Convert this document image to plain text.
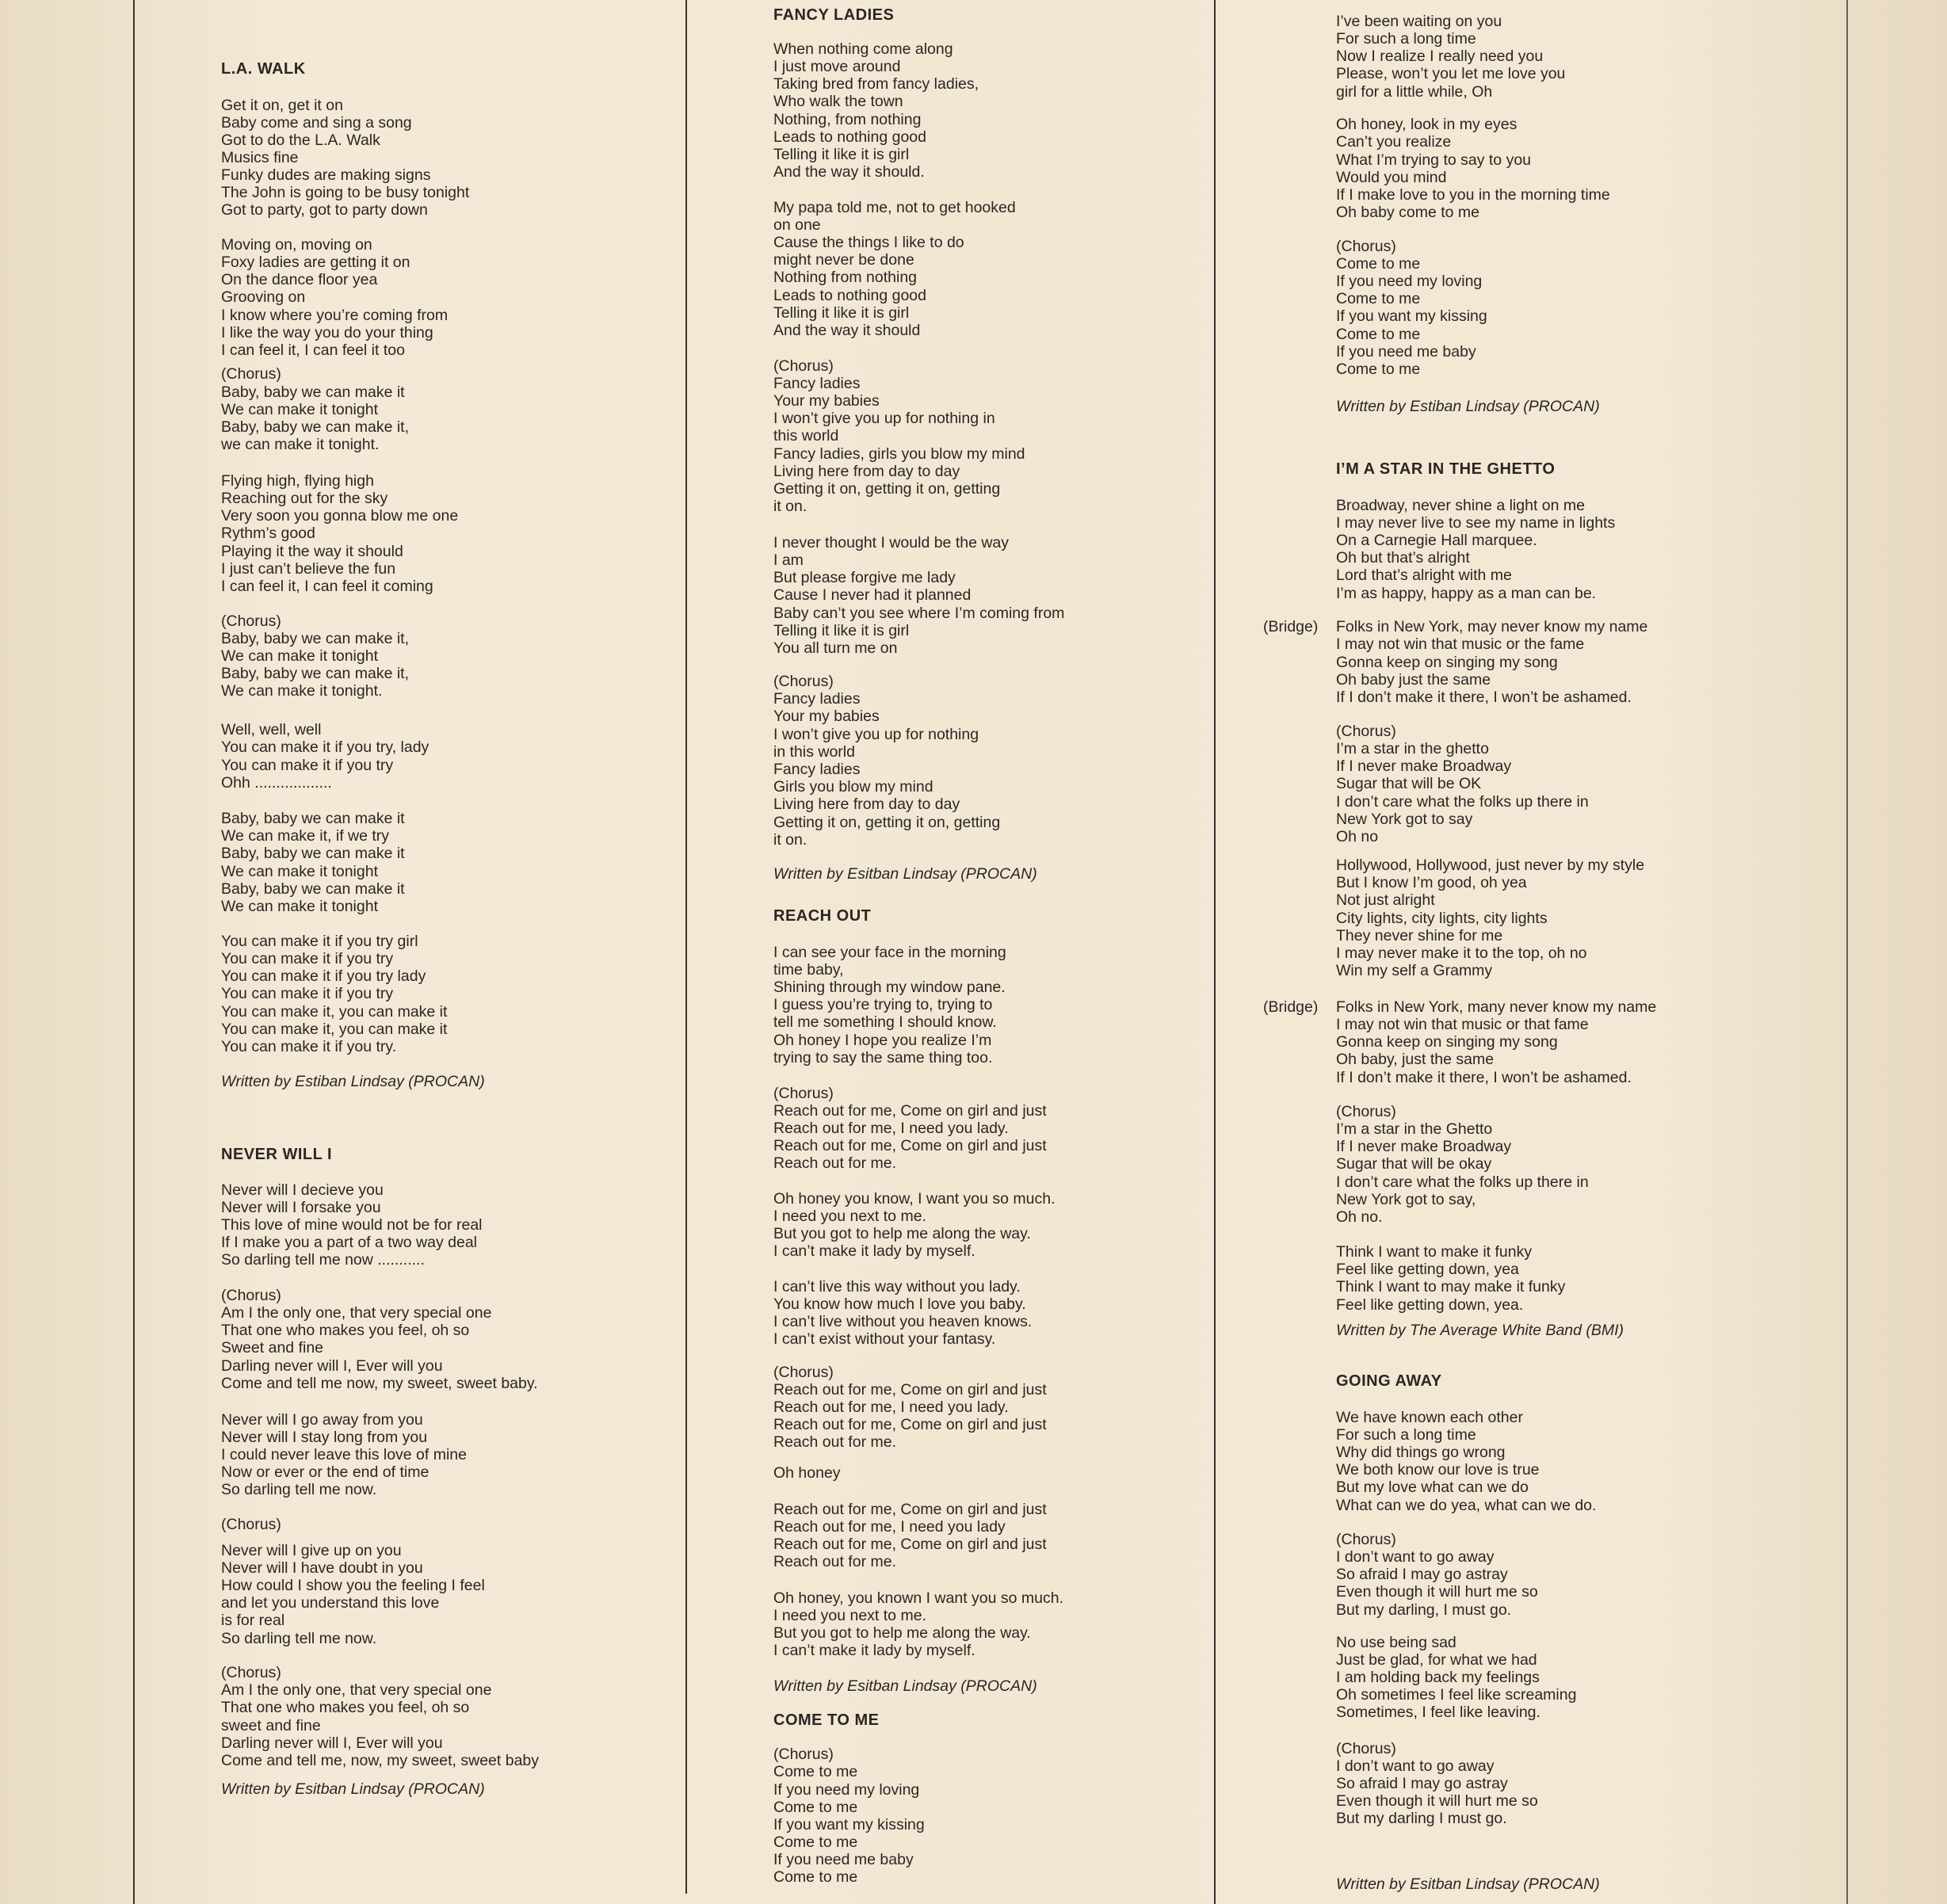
L.A. WALK
Get it on, get it on
Baby come and sing a song
Got to do the L.A. Walk
Musics fine
Funky dudes are making signs
The John is going to be busy tonight
Got to party, got to party down
Moving on, moving on
Foxy ladies are getting it on
On the dance floor yea
Grooving on
I know where you’re coming from
I like the way you do your thing
I can feel it, I can feel it too
(Chorus)
Baby, baby we can make it
We can make it tonight
Baby, baby we can make it,
we can make it tonight.
Flying high, flying high
Reaching out for the sky
Very soon you gonna blow me one
Rythm’s good
Playing it the way it should
I just can’t believe the fun
I can feel it, I can feel it coming
(Chorus)
Baby, baby we can make it,
We can make it tonight
Baby, baby we can make it,
We can make it tonight.
Well, well, well
You can make it if you try, lady
You can make it if you try
Ohh ..................
Baby, baby we can make it
We can make it, if we try
Baby, baby we can make it
We can make it tonight
Baby, baby we can make it
We can make it tonight
You can make it if you try girl
You can make it if you try
You can make it if you try lady
You can make it if you try
You can make it, you can make it
You can make it, you can make it
You can make it if you try.
Written by Estiban Lindsay (PROCAN)
NEVER WILL I
Never will I decieve you
Never will I forsake you
This love of mine would not be for real
If I make you a part of a two way deal
So darling tell me now ...........
(Chorus)
Am I the only one, that very special one
That one who makes you feel, oh so
Sweet and fine
Darling never will I, Ever will you
Come and tell me now, my sweet, sweet baby.
Never will I go away from you
Never will I stay long from you
I could never leave this love of mine
Now or ever or the end of time
So darling tell me now.
(Chorus)
Never will I give up on you
Never will I have doubt in you
How could I show you the feeling I feel
and let you understand this love
is for real
So darling tell me now.
(Chorus)
Am I the only one, that very special one
That one who makes you feel, oh so
sweet and fine
Darling never will I, Ever will you
Come and tell me, now, my sweet, sweet baby
Written by Esitban Lindsay (PROCAN)
FANCY LADIES
When nothing come along
I just move around
Taking bred from fancy ladies,
Who walk the town
Nothing, from nothing
Leads to nothing good
Telling it like it is girl
And the way it should.
My papa told me, not to get hooked
on one
Cause the things I like to do
might never be done
Nothing from nothing
Leads to nothing good
Telling it like it is girl
And the way it should
(Chorus)
Fancy ladies
Your my babies
I won’t give you up for nothing in
this world
Fancy ladies, girls you blow my mind
Living here from day to day
Getting it on, getting it on, getting
it on.
I never thought I would be the way
I am
But please forgive me lady
Cause I never had it planned
Baby can’t you see where I’m coming from
Telling it like it is girl
You all turn me on
(Chorus)
Fancy ladies
Your my babies
I won’t give you up for nothing
in this world
Fancy ladies
Girls you blow my mind
Living here from day to day
Getting it on, getting it on, getting
it on.
Written by Esitban Lindsay (PROCAN)
REACH OUT
I can see your face in the morning
time baby,
Shining through my window pane.
I guess you’re trying to, trying to
tell me something I should know.
Oh honey I hope you realize I’m
trying to say the same thing too.
(Chorus)
Reach out for me, Come on girl and just
Reach out for me, I need you lady.
Reach out for me, Come on girl and just
Reach out for me.
Oh honey you know, I want you so much.
I need you next to me.
But you got to help me along the way.
I can’t make it lady by myself.
I can’t live this way without you lady.
You know how much I love you baby.
I can’t live without you heaven knows.
I can’t exist without your fantasy.
(Chorus)
Reach out for me, Come on girl and just
Reach out for me, I need you lady.
Reach out for me, Come on girl and just
Reach out for me.
Oh honey
Reach out for me, Come on girl and just
Reach out for me, I need you lady
Reach out for me, Come on girl and just
Reach out for me.
Oh honey, you known I want you so much.
I need you next to me.
But you got to help me along the way.
I can’t make it lady by myself.
Written by Esitban Lindsay (PROCAN)
COME TO ME
(Chorus)
Come to me
If you need my loving
Come to me
If you want my kissing
Come to me
If you need me baby
Come to me
I’ve been waiting on you
For such a long time
Now I realize I really need you
Please, won’t you let me love you
girl for a little while, Oh
Oh honey, look in my eyes
Can’t you realize
What I’m trying to say to you
Would you mind
If I make love to you in the morning time
Oh baby come to me
(Chorus)
Come to me
If you need my loving
Come to me
If you want my kissing
Come to me
If you need me baby
Come to me
Written by Estiban Lindsay (PROCAN)
I’M A STAR IN THE GHETTO
Broadway, never shine a light on me
I may never live to see my name in lights
On a Carnegie Hall marquee.
Oh but that’s alright
Lord that’s alright with me
I’m as happy, happy as a man can be.
Folks in New York, may never know my name
I may not win that music or the fame
Gonna keep on singing my song
Oh baby just the same
If I don’t make it there, I won’t be ashamed.
(Chorus)
I’m a star in the ghetto
If I never make Broadway
Sugar that will be OK
I don’t care what the folks up there in
New York got to say
Oh no
Hollywood, Hollywood, just never by my style
But I know I’m good, oh yea
Not just alright
City lights, city lights, city lights
They never shine for me
I may never make it to the top, oh no
Win my self a Grammy
Folks in New York, many never know my name
I may not win that music or that fame
Gonna keep on singing my song
Oh baby, just the same
If I don’t make it there, I won’t be ashamed.
(Chorus)
I’m a star in the Ghetto
If I never make Broadway
Sugar that will be okay
I don’t care what the folks up there in
New York got to say,
Oh no.
Think I want to make it funky
Feel like getting down, yea
Think I want to may make it funky
Feel like getting down, yea.
Written by The Average White Band (BMI)
GOING AWAY
We have known each other
For such a long time
Why did things go wrong
We both know our love is true
But my love what can we do
What can we do yea, what can we do.
(Chorus)
I don’t want to go away
So afraid I may go astray
Even though it will hurt me so
But my darling, I must go.
No use being sad
Just be glad, for what we had
I am holding back my feelings
Oh sometimes I feel like screaming
Sometimes, I feel like leaving.
(Chorus)
I don’t want to go away
So afraid I may go astray
Even though it will hurt me so
But my darling I must go.
Written by Esitban Lindsay (PROCAN)
(Bridge)
(Bridge)
